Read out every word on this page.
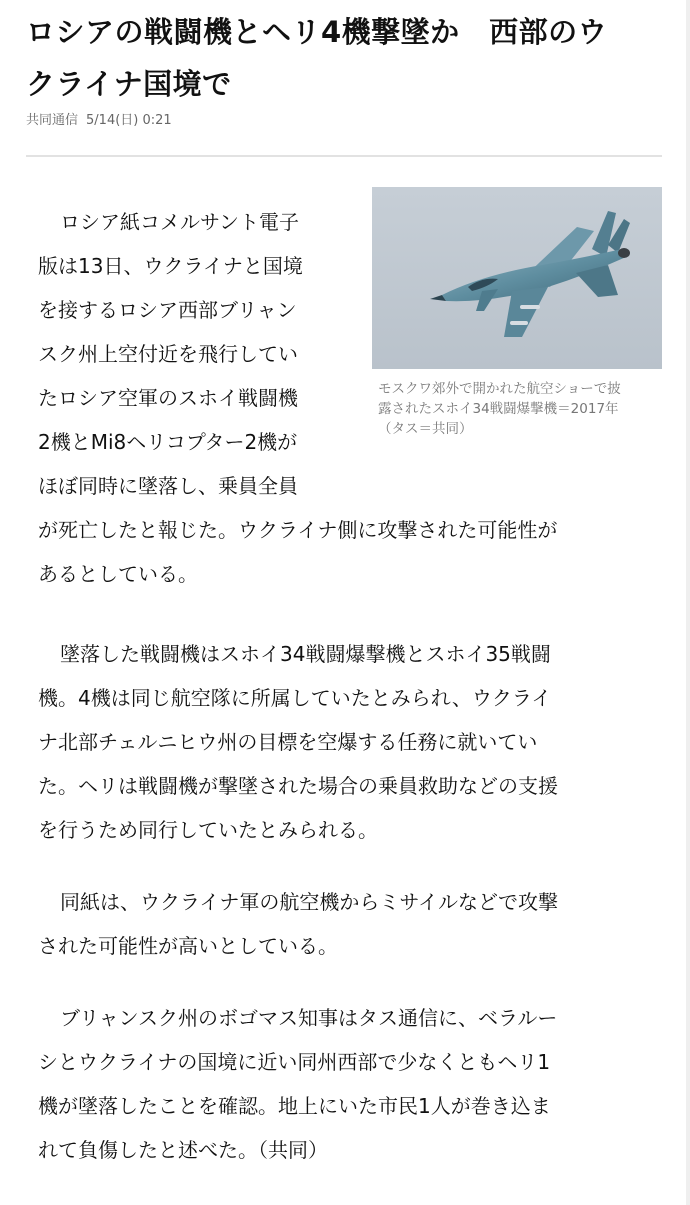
ロシアの戦闘機とヘリ4機撃墜か　西部のウ
クライナ国境で
共同通信 5/14(日) 0:21
モスクワ郊外で開かれた航空ショーで披
露されたスホイ34戦闘爆撃機＝2017年
（タス＝共同）
ロシア紙コメルサント電子
版は13日、ウクライナと国境
を接するロシア西部ブリャン
スク州上空付近を飛行してい
たロシア空軍のスホイ戦闘機
2機とMi8ヘリコプター2機が
ほぼ同時に墜落し、乗員全員
が死亡したと報じた。ウクライナ側に攻撃された可能性が
あるとしている。
墜落した戦闘機はスホイ34戦闘爆撃機とスホイ35戦闘
機。4機は同じ航空隊に所属していたとみられ、ウクライ
ナ北部チェルニヒウ州の目標を空爆する任務に就いてい
た。ヘリは戦闘機が撃墜された場合の乗員救助などの支援
を行うため同行していたとみられる。
同紙は、ウクライナ軍の航空機からミサイルなどで攻撃
された可能性が高いとしている。
ブリャンスク州のボゴマス知事はタス通信に、ベラルー
シとウクライナの国境に近い同州西部で少なくともヘリ1
機が墜落したことを確認。地上にいた市民1人が巻き込ま
れて負傷したと述べた。（共同）
